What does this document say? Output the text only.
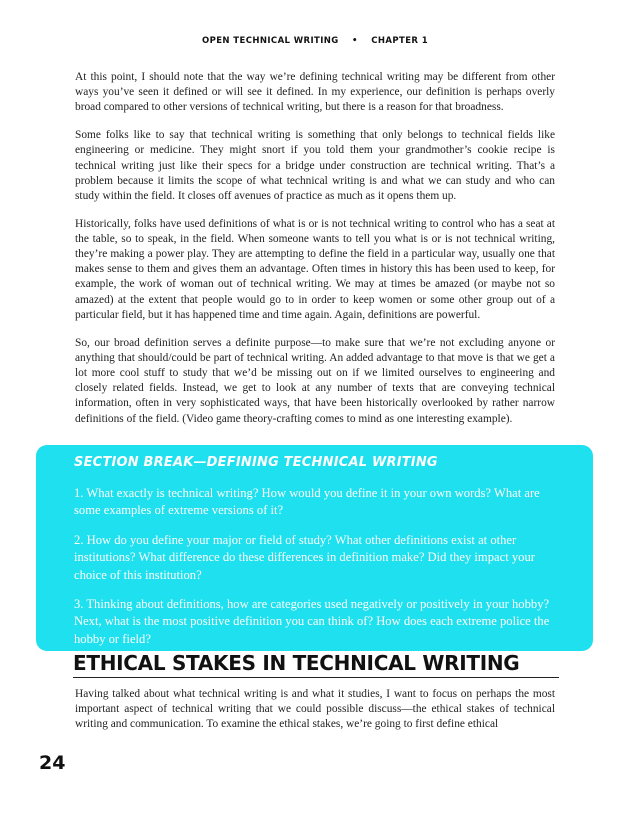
OPEN TECHNICAL WRITING • CHAPTER 1

At this point, I should note that the way we’re defining technical writing may be different from other ways you’ve seen it defined or will see it defined. In my experience, our definition is perhaps overly broad compared to other versions of technical writing, but there is a reason for that broadness.

Some folks like to say that technical writing is something that only belongs to technical fields like engineering or medicine. They might snort if you told them your grandmother’s cookie recipe is technical writing just like their specs for a bridge under construction are technical writing. That’s a problem because it limits the scope of what technical writing is and what we can study and who can study within the field. It closes off avenues of practice as much as it opens them up.

Historically, folks have used definitions of what is or is not technical writing to control who has a seat at the table, so to speak, in the field. When someone wants to tell you what is or is not technical writing, they’re making a power play. They are attempting to define the field in a particular way, usually one that makes sense to them and gives them an advantage. Often times in history this has been used to keep, for example, the work of woman out of technical writing. We may at times be amazed (or maybe not so amazed) at the extent that people would go to in order to keep women or some other group out of a particular field, but it has happened time and time again. Again, definitions are powerful.

So, our broad definition serves a definite purpose—to make sure that we’re not excluding anyone or anything that should/could be part of technical writing. An added advantage to that move is that we get a lot more cool stuff to study that we’d be missing out on if we limited ourselves to engineering and closely related fields. Instead, we get to look at any number of texts that are conveying technical information, often in very sophisticated ways, that have been historically overlooked by rather narrow definitions of the field. (Video game theory-crafting comes to mind as one interesting example).

SECTION BREAK—DEFINING TECHNICAL WRITING

1. What exactly is technical writing? How would you define it in your own words? What are some examples of extreme versions of it?

2. How do you define your major or field of study? What other definitions exist at other institutions? What difference do these differences in definition make? Did they impact your choice of this institution?

3. Thinking about definitions, how are categories used negatively or positively in your hobby? Next, what is the most positive definition you can think of? How does each extreme police the hobby or field?

ETHICAL STAKES IN TECHNICAL WRITING

Having talked about what technical writing is and what it studies, I want to focus on perhaps the most important aspect of technical writing that we could possible discuss—the ethical stakes of technical writing and communication. To examine the ethical stakes, we’re going to first define ethical

24
